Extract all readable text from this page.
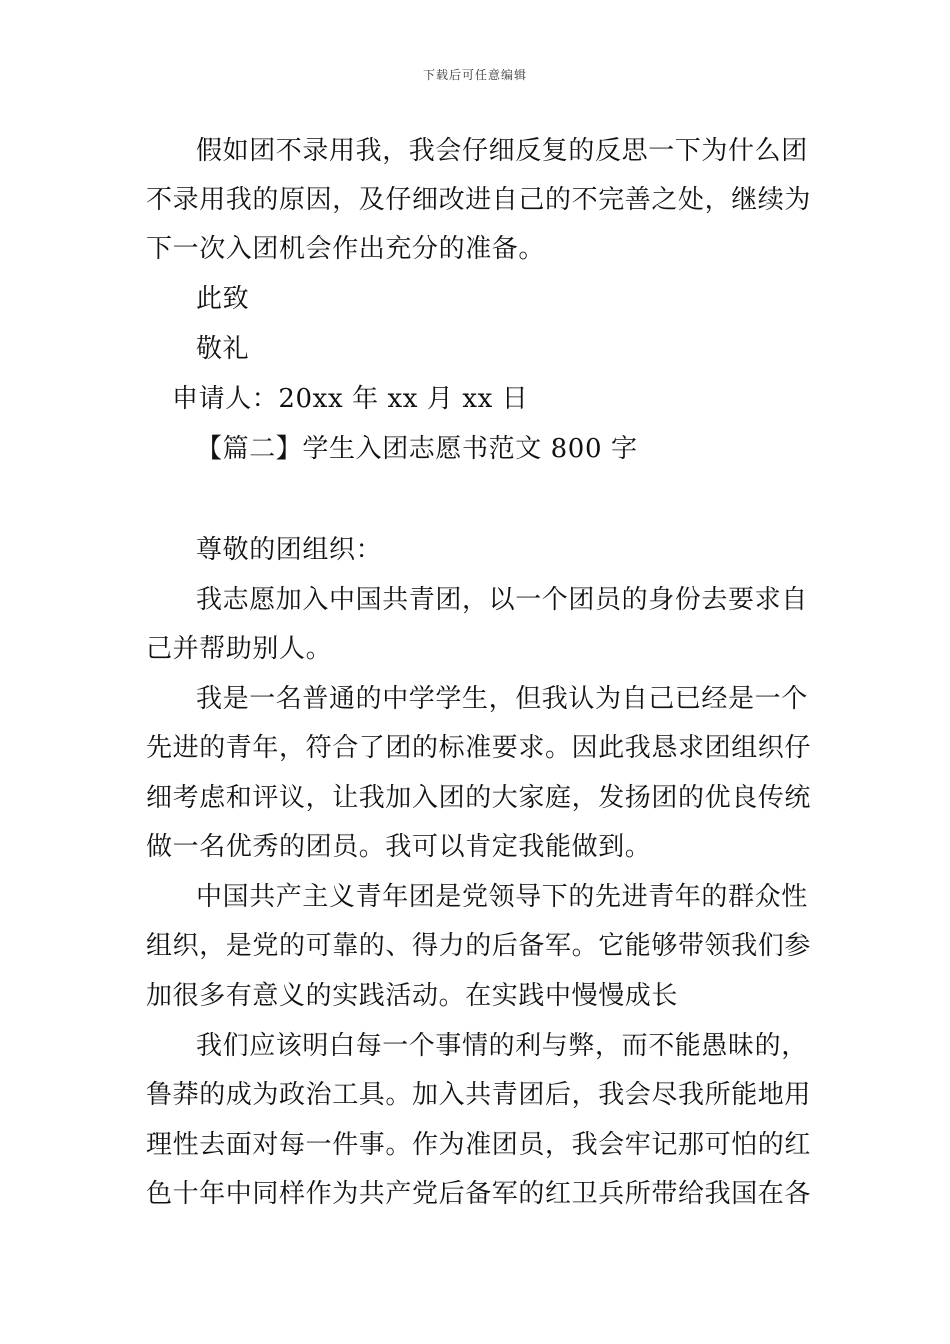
下载后可任意编辑
假如团不录用我，我会仔细反复的反思一下为什么团
不录用我的原因，及仔细改进自己的不完善之处，继续为
下一次入团机会作出充分的准备。
此致
敬礼
申请人：20xx 年 xx 月 xx 日
【篇二】学生入团志愿书范文 800 字
尊敬的团组织：
我志愿加入中国共青团，以一个团员的身份去要求自
己并帮助别人。
我是一名普通的中学学生，但我认为自己已经是一个
先进的青年，符合了团的标准要求。因此我恳求团组织仔
细考虑和评议，让我加入团的大家庭，发扬团的优良传统
做一名优秀的团员。我可以肯定我能做到。
中国共产主义青年团是党领导下的先进青年的群众性
组织，是党的可靠的、得力的后备军。它能够带领我们参
加很多有意义的实践活动。在实践中慢慢成长
我们应该明白每一个事情的利与弊，而不能愚昧的，
鲁莽的成为政治工具。加入共青团后，我会尽我所能地用
理性去面对每一件事。作为准团员，我会牢记那可怕的红
色十年中同样作为共产党后备军的红卫兵所带给我国在各
